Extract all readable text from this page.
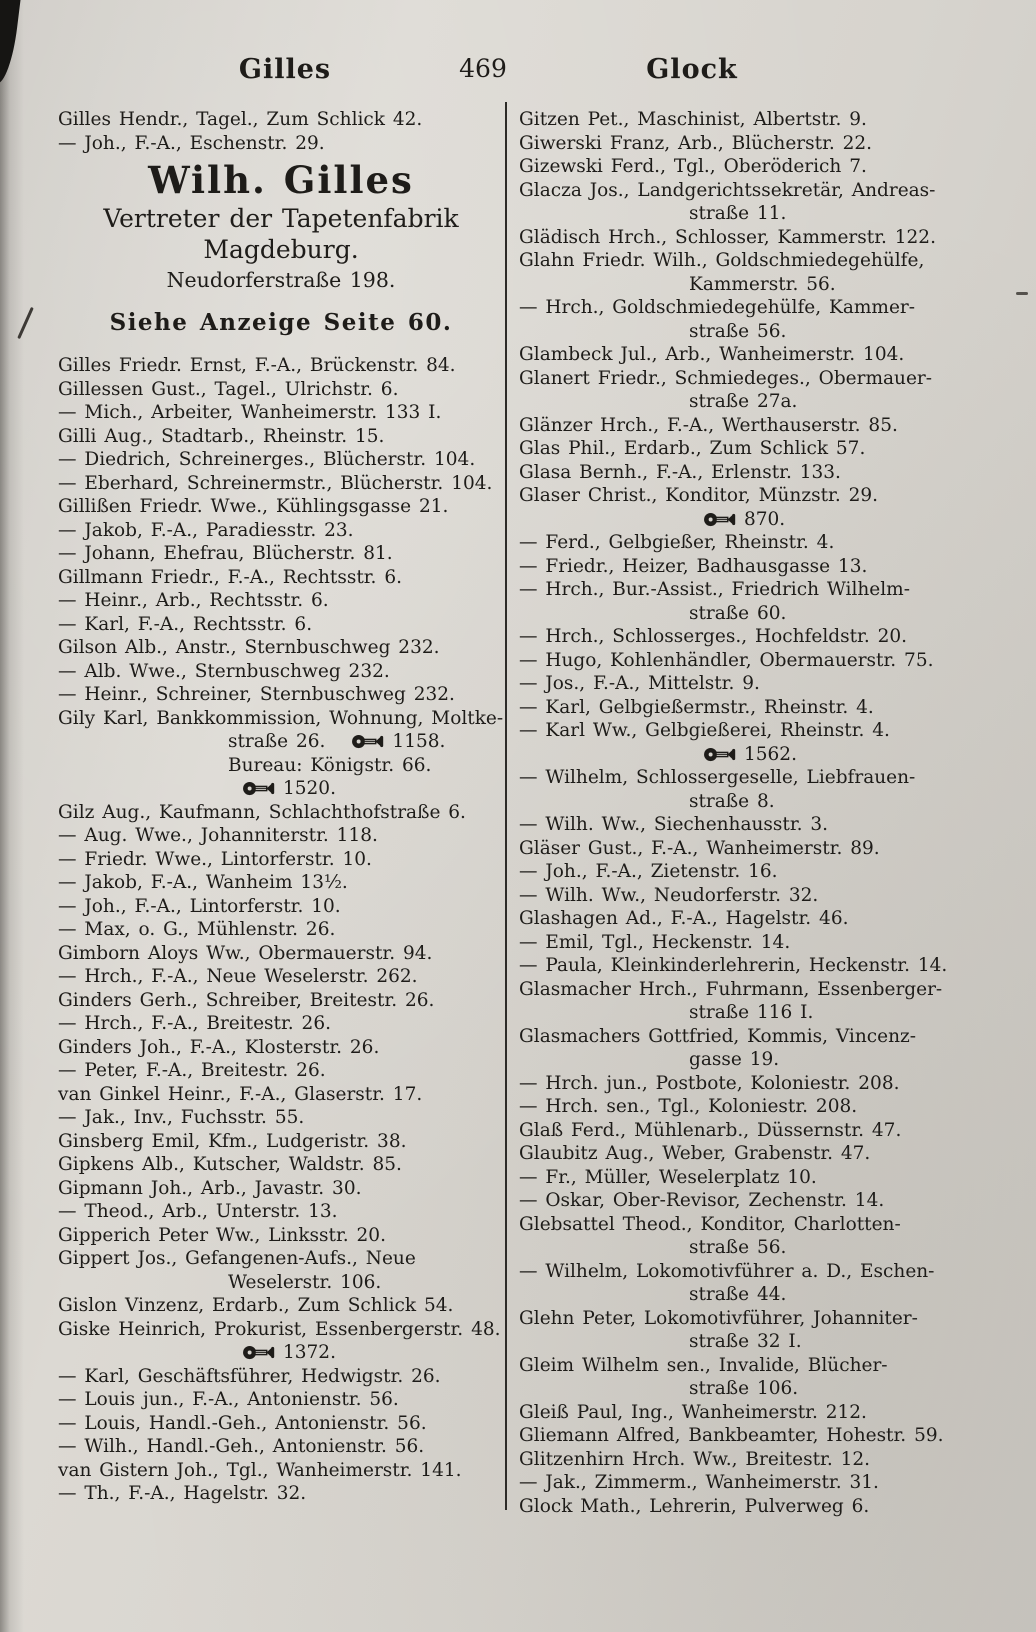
Gilles	469	Glock
Gilles Hendr., Tagel., Zum Schlick 42.
— Joh., F.-A., Eschenstr. 29.
Wilh. Gilles
Vertreter der Tapetenfabrik
Magdeburg.
Neudorferstraße 198.
Siehe Anzeige Seite 60.
Gilles Friedr. Ernst, F.-A., Brückenstr. 84.
Gillessen Gust., Tagel., Ulrichstr. 6.
— Mich., Arbeiter, Wanheimerstr. 133 I.
Gilli Aug., Stadtarb., Rheinstr. 15.
— Diedrich, Schreinerges., Blücherstr. 104.
— Eberhard, Schreinermstr., Blücherstr. 104.
Gillißen Friedr. Wwe., Kühlingsgasse 21.
— Jakob, F.-A., Paradiesstr. 23.
— Johann, Ehefrau, Blücherstr. 81.
Gillmann Friedr., F.-A., Rechtsstr. 6.
— Heinr., Arb., Rechtsstr. 6.
— Karl, F.-A., Rechtsstr. 6.
Gilson Alb., Anstr., Sternbuschweg 232.
— Alb. Wwe., Sternbuschweg 232.
— Heinr., Schreiner, Sternbuschweg 232.
Gily Karl, Bankkommission, Wohnung, Moltke-
straße 26.	1158.
Bureau: Königstr. 66.
1520.
Gilz Aug., Kaufmann, Schlachthofstraße 6.
— Aug. Wwe., Johanniterstr. 118.
— Friedr. Wwe., Lintorferstr. 10.
— Jakob, F.-A., Wanheim 13½.
— Joh., F.-A., Lintorferstr. 10.
— Max, o. G., Mühlenstr. 26.
Gimborn Aloys Ww., Obermauerstr. 94.
— Hrch., F.-A., Neue Weselerstr. 262.
Ginders Gerh., Schreiber, Breitestr. 26.
— Hrch., F.-A., Breitestr. 26.
Ginders Joh., F.-A., Klosterstr. 26.
— Peter, F.-A., Breitestr. 26.
van Ginkel Heinr., F.-A., Glaserstr. 17.
— Jak., Inv., Fuchsstr. 55.
Ginsberg Emil, Kfm., Ludgeristr. 38.
Gipkens Alb., Kutscher, Waldstr. 85.
Gipmann Joh., Arb., Javastr. 30.
— Theod., Arb., Unterstr. 13.
Gipperich Peter Ww., Linksstr. 20.
Gippert Jos., Gefangenen-Aufs., Neue
Weselerstr. 106.
Gislon Vinzenz, Erdarb., Zum Schlick 54.
Giske Heinrich, Prokurist, Essenbergerstr. 48.
1372.
— Karl, Geschäftsführer, Hedwigstr. 26.
— Louis jun., F.-A., Antonienstr. 56.
— Louis, Handl.-Geh., Antonienstr. 56.
— Wilh., Handl.-Geh., Antonienstr. 56.
van Gistern Joh., Tgl., Wanheimerstr. 141.
— Th., F.-A., Hagelstr. 32.
Gitzen Pet., Maschinist, Albertstr. 9.
Giwerski Franz, Arb., Blücherstr. 22.
Gizewski Ferd., Tgl., Oberöderich 7.
Glacza Jos., Landgerichtssekretär, Andreas-
straße 11.
Glädisch Hrch., Schlosser, Kammerstr. 122.
Glahn Friedr. Wilh., Goldschmiedegehülfe,
Kammerstr. 56.
— Hrch., Goldschmiedegehülfe, Kammer-
straße 56.
Glambeck Jul., Arb., Wanheimerstr. 104.
Glanert Friedr., Schmiedeges., Obermauer-
straße 27a.
Glänzer Hrch., F.-A., Werthauserstr. 85.
Glas Phil., Erdarb., Zum Schlick 57.
Glasa Bernh., F.-A., Erlenstr. 133.
Glaser Christ., Konditor, Münzstr. 29.
870.
— Ferd., Gelbgießer, Rheinstr. 4.
— Friedr., Heizer, Badhausgasse 13.
— Hrch., Bur.-Assist., Friedrich Wilhelm-
straße 60.
— Hrch., Schlosserges., Hochfeldstr. 20.
— Hugo, Kohlenhändler, Obermauerstr. 75.
— Jos., F.-A., Mittelstr. 9.
— Karl, Gelbgießermstr., Rheinstr. 4.
— Karl Ww., Gelbgießerei, Rheinstr. 4.
1562.
— Wilhelm, Schlossergeselle, Liebfrauen-
straße 8.
— Wilh. Ww., Siechenhausstr. 3.
Gläser Gust., F.-A., Wanheimerstr. 89.
— Joh., F.-A., Zietenstr. 16.
— Wilh. Ww., Neudorferstr. 32.
Glashagen Ad., F.-A., Hagelstr. 46.
— Emil, Tgl., Heckenstr. 14.
— Paula, Kleinkinderlehrerin, Heckenstr. 14.
Glasmacher Hrch., Fuhrmann, Essenberger-
straße 116 I.
Glasmachers Gottfried, Kommis, Vincenz-
gasse 19.
— Hrch. jun., Postbote, Koloniestr. 208.
— Hrch. sen., Tgl., Koloniestr. 208.
Glaß Ferd., Mühlenarb., Düssernstr. 47.
Glaubitz Aug., Weber, Grabenstr. 47.
— Fr., Müller, Weselerplatz 10.
— Oskar, Ober-Revisor, Zechenstr. 14.
Glebsattel Theod., Konditor, Charlotten-
straße 56.
— Wilhelm, Lokomotivführer a. D., Eschen-
straße 44.
Glehn Peter, Lokomotivführer, Johanniter-
straße 32 I.
Gleim Wilhelm sen., Invalide, Blücher-
straße 106.
Gleiß Paul, Ing., Wanheimerstr. 212.
Gliemann Alfred, Bankbeamter, Hohestr. 59.
Glitzenhirn Hrch. Ww., Breitestr. 12.
— Jak., Zimmerm., Wanheimerstr. 31.
Glock Math., Lehrerin, Pulverweg 6.
